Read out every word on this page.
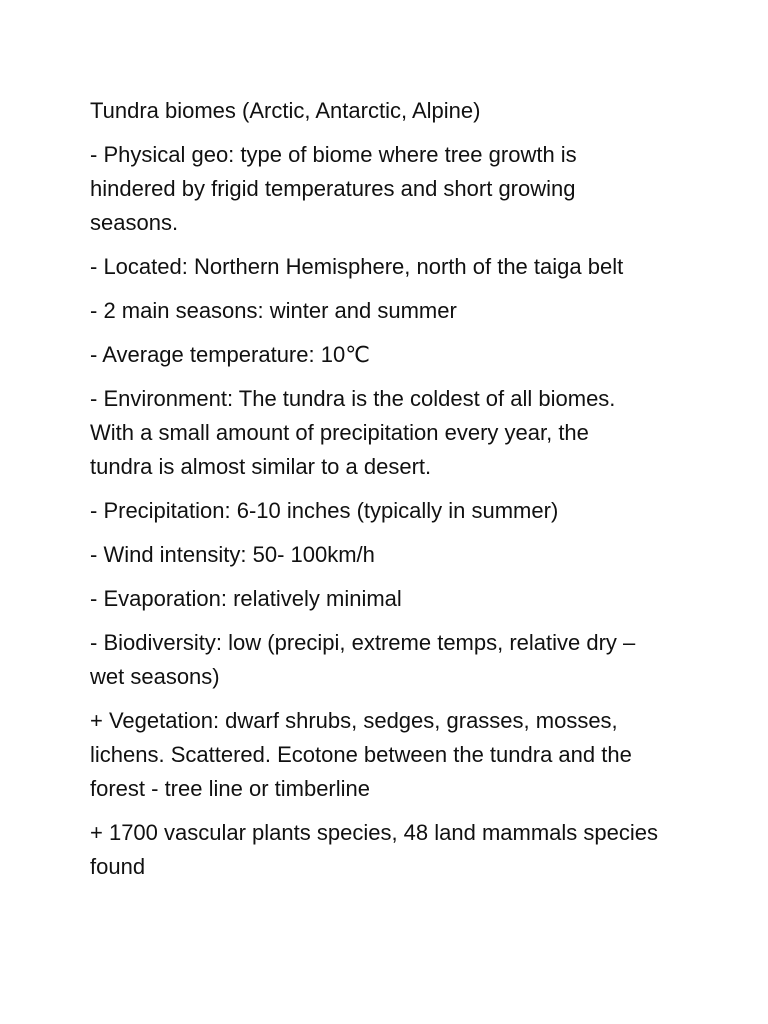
Tundra biomes (Arctic, Antarctic, Alpine)

- Physical geo: type of biome where tree growth is
hindered by frigid temperatures and short growing
seasons.

- Located: Northern Hemisphere, north of the taiga belt

- 2 main seasons: winter and summer

- Average temperature: 10℃

- Environment: The tundra is the coldest of all biomes.
With a small amount of precipitation every year, the
tundra is almost similar to a desert.

- Precipitation: 6-10 inches (typically in summer)

- Wind intensity: 50- 100km/h

- Evaporation: relatively minimal

- Biodiversity: low (precipi, extreme temps, relative dry –
wet seasons)

+ Vegetation: dwarf shrubs, sedges, grasses, mosses,
lichens. Scattered. Ecotone between the tundra and the
forest - tree line or timberline

+ 1700 vascular plants species, 48 land mammals species
found
